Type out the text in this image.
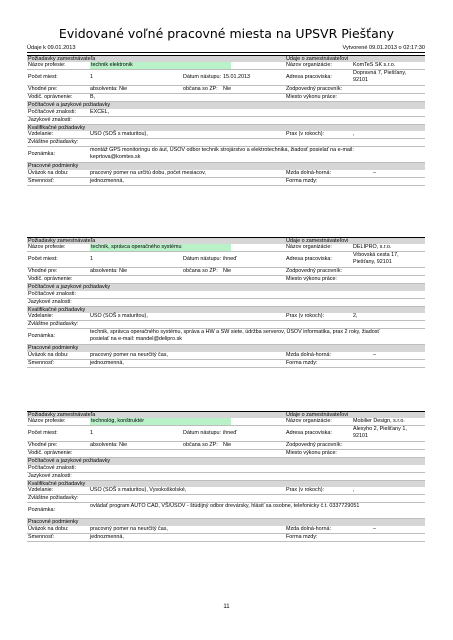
Evidované voľné pracovné miesta na UPSVR Piešťany
Údaje k 09.01.2013	Vytvorené 09.01.2013 o 02:17:30
Požiadavky zamestnávateľa	Údaje o zamestnávateľovi
Názov profesie:	technik elektronik	Názov organizácie:	KomTeS SK s.r.o.
Počet miest:	1	Dátum nástupu: 15.01.2013	Adresa pracoviska:
Dopravná 7, Piešťany,
92101
Vhodné pre:	absolventa: Nie	občana so ZP: Nie	Zodpovedný pracovník:
Vodič. oprávnenie:	B,	Miesto výkonu práce:
Počítačové a jazykové požiadavky
Počítačové znalosti:	EXCEL,
Jazykové znalosti:
Kvalifikačné požiadavky
Vzdelanie:	USO (SOŠ s maturitou),	Prax (v rokoch):	,
Zvláštne požiadavky:
Poznámka:
montáž GPS monitoringu do áut, ÚSOV odbor technik strojárstvo a elektrotechnika, žiadosť posielať na e-mail:
keprtova@komtes.sk
Pracovné podmienky
Úväzok na dobu:	pracovný pomer na určitú dobu, počet mesiacov,	Mzda dolná-horná:	–
Smennosť:	jednozmenná,	Forma mzdy:
Požiadavky zamestnávateľa	Údaje o zamestnávateľovi
Názov profesie:	technik, správca operačného systému	Názov organizácie:	DELIPRO, s.r.o.
Počet miest:	1	Dátum nástupu: ihneď	Adresa pracoviska:
Vrbovská cesta 17,
Piešťany, 92101
Vhodné pre:	absolventa: Nie	občana so ZP: Nie	Zodpovedný pracovník:
Vodič. oprávnenie:	Miesto výkonu práce:
Počítačové a jazykové požiadavky
Počítačové znalosti:
Jazykové znalosti:
Kvalifikačné požiadavky
Vzdelanie:	USO (SOŠ s maturitou),	Prax (v rokoch):	2,
Zvláštne požiadavky:
Poznámka:
technik, správca operačného systému, správa a HW a SW siete, údržba serverov, ÚSOV informatika, prax 2 roky, žiadosť
posielať na e-mail: mandel@delipro.sk
Pracovné podmienky
Úväzok na dobu:	pracovný pomer na neurčitý čas,	Mzda dolná-horná:	–
Smennosť:	jednozmenná,	Forma mzdy:
Požiadavky zamestnávateľa	Údaje o zamestnávateľovi
Názov profesie:	technológ, konštruktér	Názov organizácie:	Mobilier Design, s.r.o.
Počet miest:	1	Dátum nástupu: ihneď	Adresa pracoviska:
Alexyho 2, Piešťany 1,
92101
Vhodné pre:	absolventa: Nie	občana so ZP: Nie	Zodpovedný pracovník:
Vodič. oprávnenie:	Miesto výkonu práce:
Počítačové a jazykové požiadavky
Počítačové znalosti:
Jazykové znalosti:
Kvalifikačné požiadavky
Vzdelanie:	USO (SOŠ s maturitou), Vysokoškolské,	Prax (v rokoch):	,
Zvláštne požiadavky:
Poznámka:
ovládať program AUTO CAD, VŠ/ÚSOV - štúdijný odbor drevársky, hlásiť sa osobne, telefonicky č.t. 0337729051
Pracovné podmienky
Úväzok na dobu:	pracovný pomer na neurčitý čas,	Mzda dolná-horná:	–
Smennosť:	jednozmenná,	Forma mzdy:
11
